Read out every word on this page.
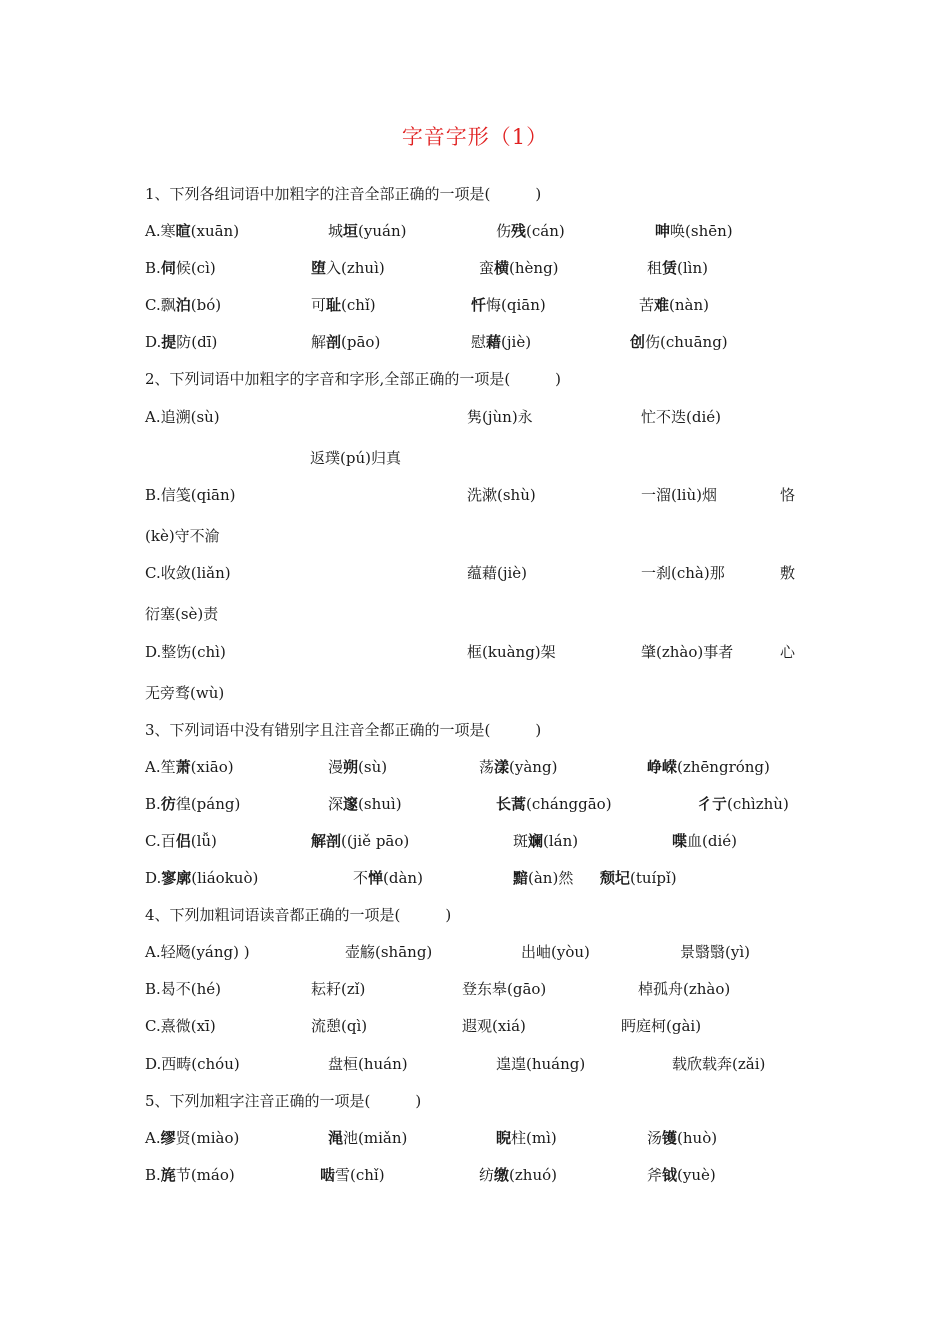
字音字形（1）
1、下列各组词语中加粗字的注音全部正确的一项是(　　　)
A.寒暄(xuān)	城垣(yuán)	伤残(cán)	呻唤(shēn)
B.伺候(cì)	堕入(zhuì)	蛮横(hèng)	租赁(lìn)
C.飘泊(bó)	可耻(chǐ)	忏悔(qiān)	苦难(nàn)
D.提防(dī)	解剖(pāo)	慰藉(jiè)	创伤(chuāng)
2、下列词语中加粗字的字音和字形,全部正确的一项是(　　　)
A.追溯(sù)	隽(jùn)永	忙不迭(dié)
返璞(pú)归真
B.信笺(qiān)	洗漱(shù)	一溜(liù)烟	恪
(kè)守不渝
C.收敛(liǎn)	蕴藉(jiè)	一刹(chà)那	敷
衍塞(sè)责
D.整饬(chì)	框(kuàng)架	肇(zhào)事者	心
无旁骛(wù)
3、下列词语中没有错别字且注音全都正确的一项是(　　　)
A.笙萧(xiāo)	漫朔(sù)	荡漾(yàng)	峥嵘(zhēngróng)
B.彷徨(páng)	深邃(shuì)	长蒿(chánggāo)	彳亍(chìzhù)
C.百侣(lǚ)	解剖((jiě pāo)	斑斓(lán)	喋血(dié)
D.寥廓(liáokuò)	不惮(dàn)	黯(àn)然 颓圮(tuípǐ)
4、下列加粗词语读音都正确的一项是(　　　)
A.轻飏(yáng) )	壶觞(shāng)	出岫(yòu)	景翳翳(yì)
B.曷不(hé)	耘耔(zǐ)	登东皋(gāo)	棹孤舟(zhào)
C.熹微(xī)	流憩(qì)	遐观(xiá)	眄庭柯(gài)
D.西畴(chóu)	盘桓(huán)	遑遑(huáng)	载欣载奔(zǎi)
5、下列加粗字注音正确的一项是(　　　)
A.缪贤(miào)	渑池(miǎn)	睨柱(mì)	汤镬(huò)
B.旄节(máo)	啮雪(chǐ)	纺缴(zhuó)	斧钺(yuè)
